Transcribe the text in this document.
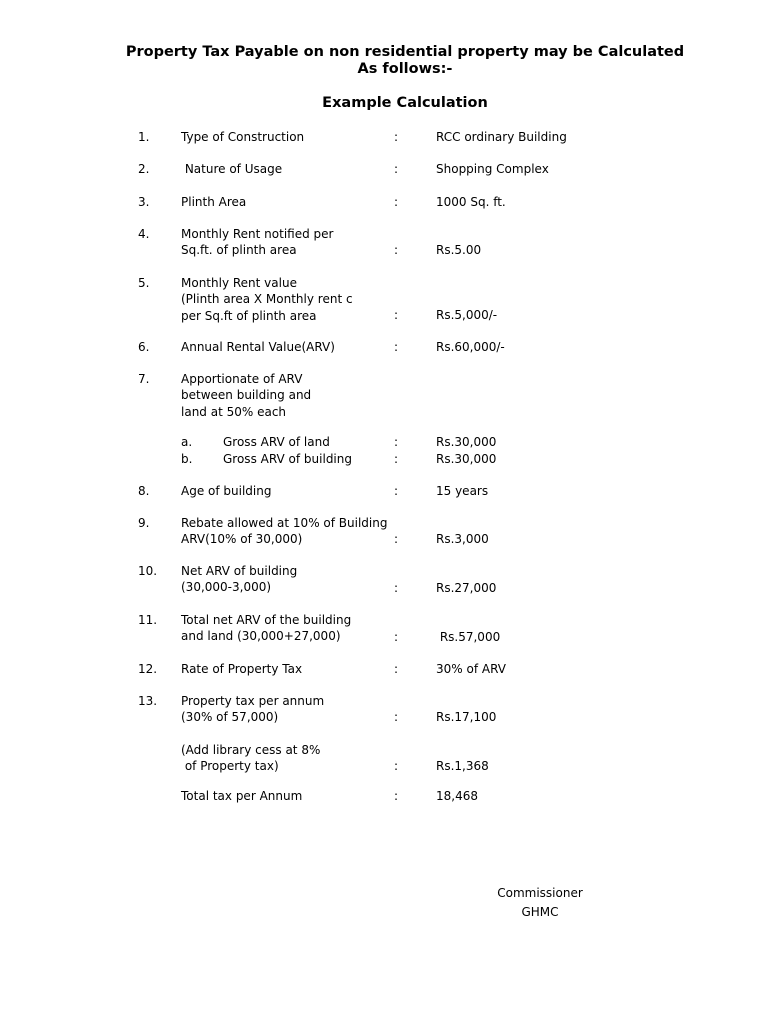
Property Tax Payable on non residential property may be Calculated As follows:-
Example Calculation
1.	Type of Construction	:	RCC ordinary Building
2.	Nature of Usage	:	Shopping Complex
3.	Plinth Area	:	1000 Sq. ft.
4.	Monthly Rent notified per
Sq.ft. of plinth area	:	Rs.5.00
5.	Monthly Rent value
(Plinth area X Monthly rent c
per Sq.ft of plinth area	:	Rs.5,000/-
6.	Annual Rental Value(ARV)	:	Rs.60,000/-
7.	Apportionate of ARV
between building and
land at 50% each
a.	Gross ARV of land	:	Rs.30,000
b.	Gross ARV of building	:	Rs.30,000
8.	Age of building	:	15 years
9.	Rebate allowed at 10% of Building
ARV(10% of 30,000)	:	Rs.3,000
10. Net ARV of building
(30,000-3,000)	:	Rs.27,000
11. Total net ARV of the building
and land (30,000+27,000)	:	Rs.57,000
12. Rate of Property Tax	:	30% of ARV
13. Property tax per annum
(30% of 57,000)	:	Rs.17,100
(Add library cess at 8%
of Property tax)	:	Rs.1,368
Total tax per Annum	:	18,468
Commissioner
GHMC
